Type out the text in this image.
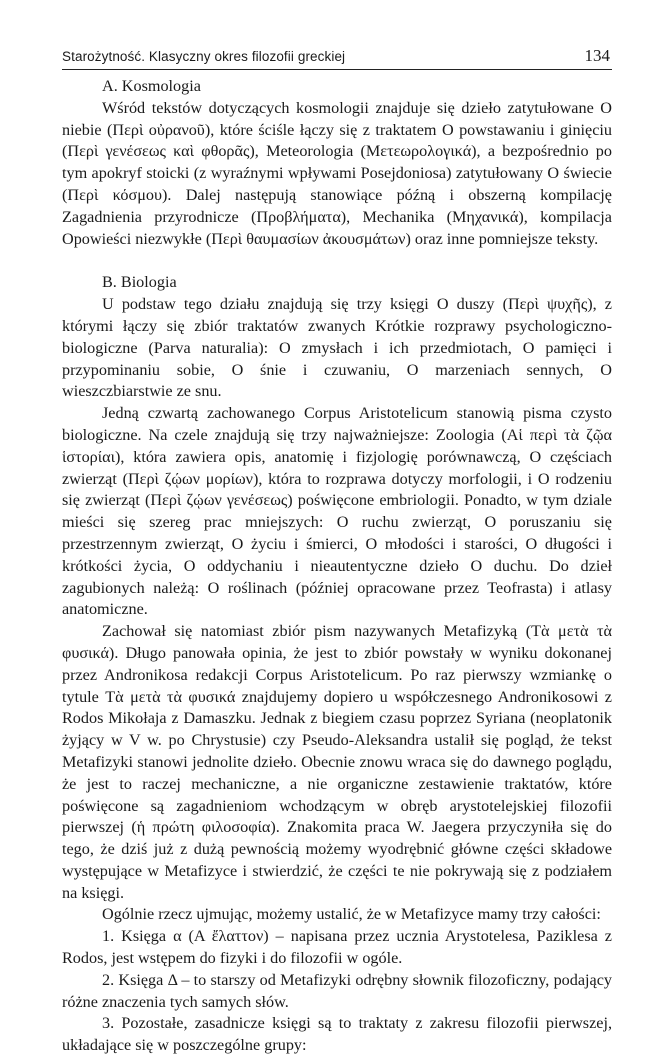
Starożytność. Klasyczny okres filozofii greckiej	134

A. Kosmologia

Wśród tekstów dotyczących kosmologii znajduje się dzieło zatytułowane O niebie (Περὶ οὐρανοῦ), które ściśle łączy się z traktatem O powstawaniu i ginięciu (Περὶ γενέσεως καὶ φθορᾶς), Meteorologia (Μετεωρολογικά), a bezpośrednio po tym apokryf stoicki (z wyraźnymi wpływami Posejdoniosa) zatytułowany O świecie (Περὶ κόσμου). Dalej następują stanowiące późną i obszerną kompilację Zagadnienia przyrodnicze (Προβλήματα), Mechanika (Μηχανικά), kompilacja Opowieści niezwykłe (Περὶ θαυμασίων ἀκουσμάτων) oraz inne pomniejsze teksty.

B. Biologia

U podstaw tego działu znajdują się trzy księgi O duszy (Περὶ ψυχῆς), z którymi łączy się zbiór traktatów zwanych Krótkie rozprawy psychologiczno-biologiczne (Parva naturalia): O zmysłach i ich przedmiotach, O pamięci i przypominaniu sobie, O śnie i czuwaniu, O marzeniach sennych, O wieszczbiarstwie ze snu.

Jedną czwartą zachowanego Corpus Aristotelicum stanowią pisma czysto biologiczne. Na czele znajdują się trzy najważniejsze: Zoologia (Αἱ περὶ τὰ ζῷα ἱστορίαι), która zawiera opis, anatomię i fizjologię porównawczą, O częściach zwierząt (Περὶ ζῴων μορίων), która to rozprawa dotyczy morfologii, i O rodzeniu się zwierząt (Περὶ ζῴων γενέσεως) poświęcone embriologii. Ponadto, w tym dziale mieści się szereg prac mniejszych: O ruchu zwierząt, O poruszaniu się przestrzennym zwierząt, O życiu i śmierci, O młodości i starości, O długości i krótkości życia, O oddychaniu i nieautentyczne dzieło O duchu. Do dzieł zagubionych należą: O roślinach (później opracowane przez Teofrasta) i atlasy anatomiczne.

Zachował się natomiast zbiór pism nazywanych Metafizyką (Τὰ μετὰ τὰ φυσικά). Długo panowała opinia, że jest to zbiór powstały w wyniku dokonanej przez Andronikosa redakcji Corpus Aristotelicum. Po raz pierwszy wzmiankę o tytule Τὰ μετὰ τὰ φυσικά znajdujemy dopiero u współczesnego Andronikosowi z Rodos Mikołaja z Damaszku. Jednak z biegiem czasu poprzez Syriana (neoplatonik żyjący w V w. po Chrystusie) czy Pseudo-Aleksandra ustalił się pogląd, że tekst Metafizyki stanowi jednolite dzieło. Obecnie znowu wraca się do dawnego poglądu, że jest to raczej mechaniczne, a nie organiczne zestawienie traktatów, które poświęcone są zagadnieniom wchodzącym w obręb arystotelejskiej filozofii pierwszej (ἡ πρώτη φιλοσοφία). Znakomita praca W. Jaegera przyczyniła się do tego, że dziś już z dużą pewnością możemy wyodrębnić główne części składowe występujące w Metafizyce i stwierdzić, że części te nie pokrywają się z podziałem na księgi.

Ogólnie rzecz ujmując, możemy ustalić, że w Metafizyce mamy trzy całości:

1. Księga α (A ἔλαττον) – napisana przez ucznia Arystotelesa, Paziklesa z Rodos, jest wstępem do fizyki i do filozofii w ogóle.

2. Księga Δ – to starszy od Metafizyki odrębny słownik filozoficzny, podający różne znaczenia tych samych słów.

3. Pozostałe, zasadnicze księgi są to traktaty z zakresu filozofii pierwszej, układające się w poszczególne grupy:
